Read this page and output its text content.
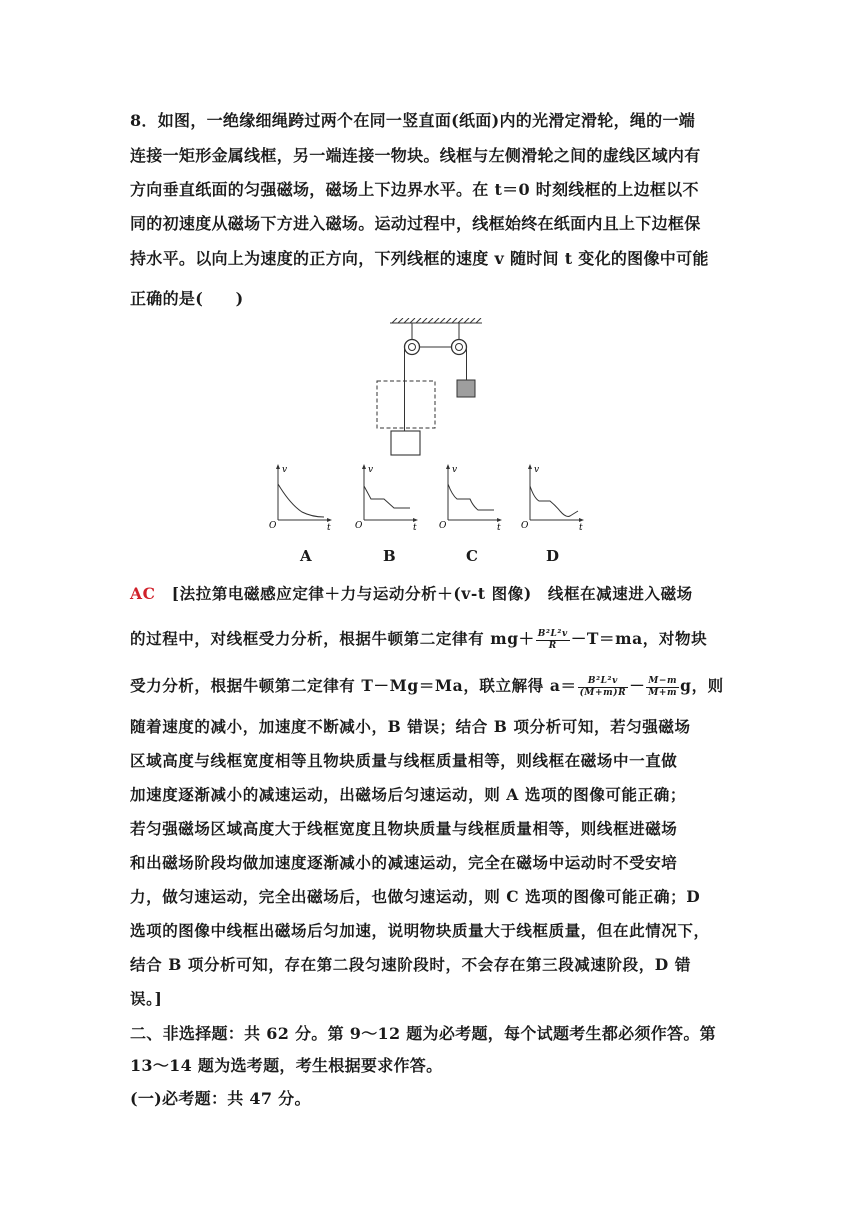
8．如图，一绝缘细绳跨过两个在同一竖直面(纸面)内的光滑定滑轮，绳的一端
连接一矩形金属线框，另一端连接一物块。线框与左侧滑轮之间的虚线区域内有
方向垂直纸面的匀强磁场，磁场上下边界水平。在 t＝0 时刻线框的上边框以不
同的初速度从磁场下方进入磁场。运动过程中，线框始终在纸面内且上下边框保
持水平。以向上为速度的正方向，下列线框的速度 v 随时间 t 变化的图像中可能
正确的是(　　)
v
t
O
A
v
t
O
B
v
t
O
C
v
t
O
D
AC　 [法拉第电磁感应定律＋力与运动分析＋(v-t 图像)　线框在减速进入磁场
的过程中，对线框受力分析，根据牛顿第二定律有 $mg+ \frac{\text{B²L²v}}{R} -T=ma$，对物块
受力分析，根据牛顿第二定律有 T－Mg＝Ma，联立解得 $a= \frac{\text{B²L²v}}{(M+m)R} - \frac{M-m}{M+m}$ g，则
随着速度的减小，加速度不断减小，B 错误；结合 B 项分析可知，若匀强磁场
区域高度与线框宽度相等且物块质量与线框质量相等，则线框在磁场中一直做
加速度逐渐减小的减速运动，出磁场后匀速运动，则 A 选项的图像可能正确；
若匀强磁场区域高度大于线框宽度且物块质量与线框质量相等，则线框进磁场
和出磁场阶段均做加速度逐渐减小的减速运动，完全在磁场中运动时不受安培
力，做匀速运动，完全出磁场后，也做匀速运动，则 C 选项的图像可能正确；D
选项的图像中线框出磁场后匀加速，说明物块质量大于线框质量，但在此情况下，
结合 B 项分析可知，存在第二段匀速阶段时，不会存在第三段减速阶段，D 错
误。]
二、非选择题：共 62 分。第 9～12 题为必考题，每个试题考生都必须作答。第
13～14 题为选考题，考生根据要求作答。
(一)必考题：共 47 分。
